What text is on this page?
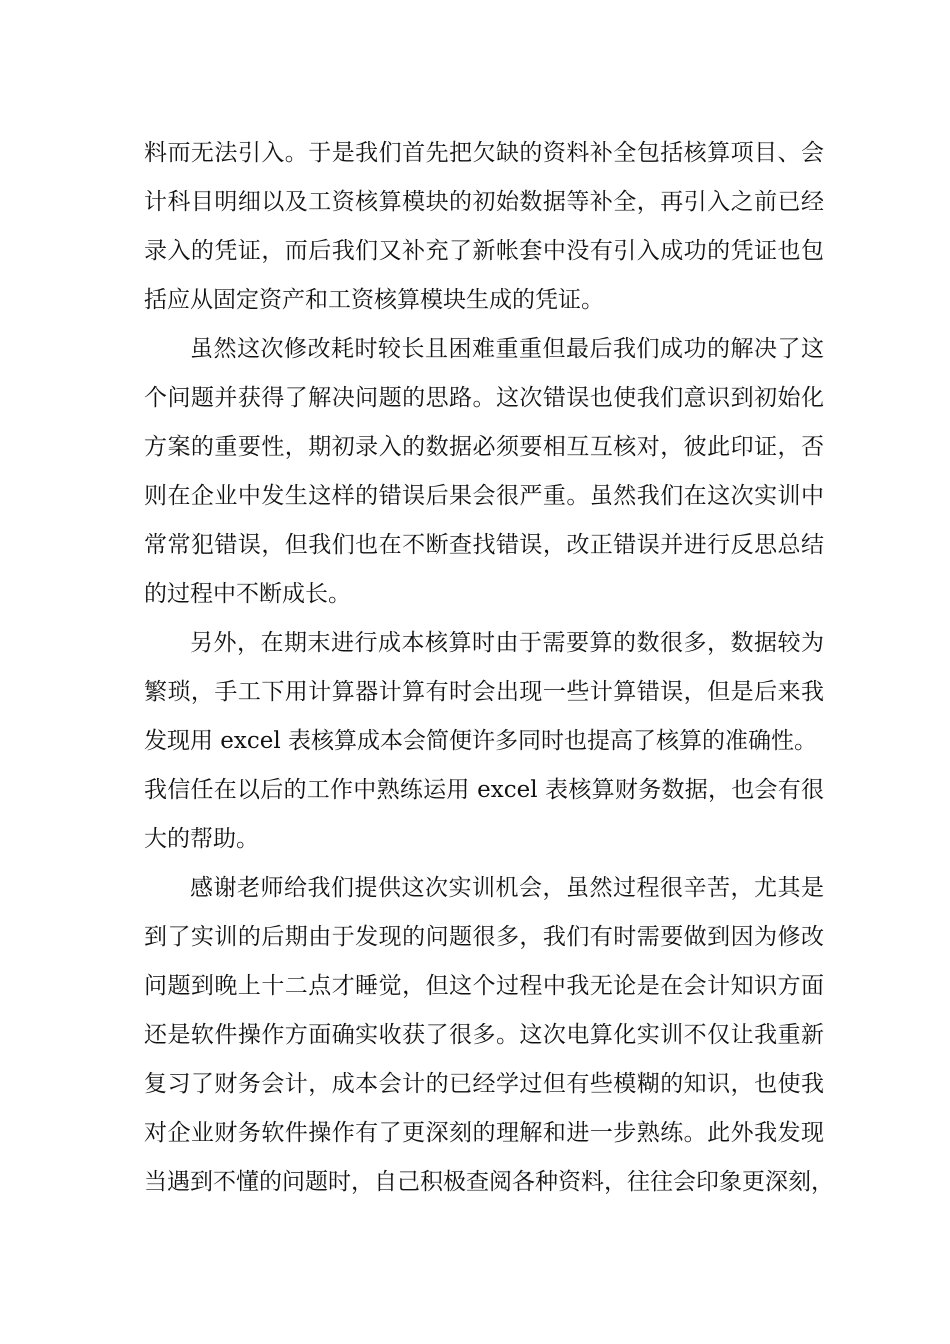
料而无法引入。于是我们首先把欠缺的资料补全包括核算项目、会
计科目明细以及工资核算模块的初始数据等补全，再引入之前已经
录入的凭证，而后我们又补充了新帐套中没有引入成功的凭证也包
括应从固定资产和工资核算模块生成的凭证。
虽然这次修改耗时较长且困难重重但最后我们成功的解决了这
个问题并获得了解决问题的思路。这次错误也使我们意识到初始化
方案的重要性，期初录入的数据必须要相互互核对，彼此印证，否
则在企业中发生这样的错误后果会很严重。虽然我们在这次实训中
常常犯错误，但我们也在不断查找错误，改正错误并进行反思总结
的过程中不断成长。
另外，在期末进行成本核算时由于需要算的数很多，数据较为
繁琐，手工下用计算器计算有时会出现一些计算错误，但是后来我
发现用 excel 表核算成本会简便许多同时也提高了核算的准确性。
我信任在以后的工作中熟练运用 excel 表核算财务数据，也会有很
大的帮助。
感谢老师给我们提供这次实训机会，虽然过程很辛苦，尤其是
到了实训的后期由于发现的问题很多，我们有时需要做到因为修改
问题到晚上十二点才睡觉，但这个过程中我无论是在会计知识方面
还是软件操作方面确实收获了很多。这次电算化实训不仅让我重新
复习了财务会计，成本会计的已经学过但有些模糊的知识，也使我
对企业财务软件操作有了更深刻的理解和进一步熟练。此外我发现
当遇到不懂的问题时，自己积极查阅各种资料，往往会印象更深刻，
